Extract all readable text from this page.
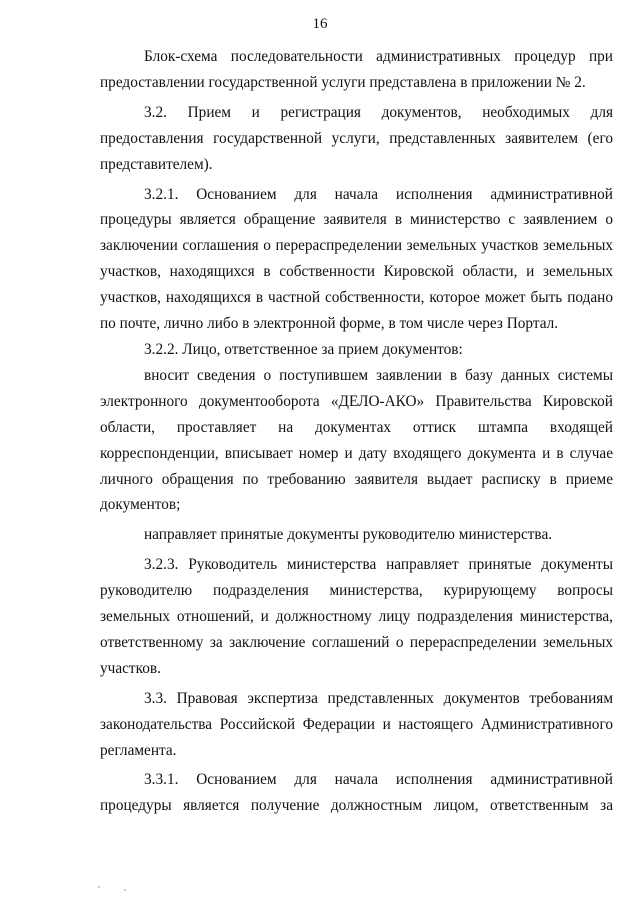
16

Блок-схема последовательности административных процедур при предоставлении государственной услуги представлена в приложении № 2.

3.2. Прием и регистрация документов, необходимых для предоставления государственной услуги, представленных заявителем (его представителем).

3.2.1. Основанием для начала исполнения административной процедуры является обращение заявителя в министерство с заявлением о заключении соглашения о перераспределении земельных участков земельных участков, находящихся в собственности Кировской области, и земельных участков, находящихся в частной собственности, которое может быть подано по почте, лично либо в электронной форме, в том числе через Портал.

3.2.2. Лицо, ответственное за прием документов:

вносит сведения о поступившем заявлении в базу данных системы электронного документооборота «ДЕЛО-АКО» Правительства Кировской области, проставляет на документах оттиск штампа входящей корреспонденции, вписывает номер и дату входящего документа и в случае личного обращения по требованию заявителя выдает расписку в приеме документов;

направляет принятые документы руководителю министерства.

3.2.3. Руководитель министерства направляет принятые документы руководителю подразделения министерства, курирующему вопросы земельных отношений, и должностному лицу подразделения министерства, ответственному за заключение соглашений о перераспределении земельных участков.

3.3. Правовая экспертиза представленных документов требованиям законодательства Российской Федерации и настоящего Административного регламента.

3.3.1. Основанием для начала исполнения административной процедуры является получение должностным лицом, ответственным за
